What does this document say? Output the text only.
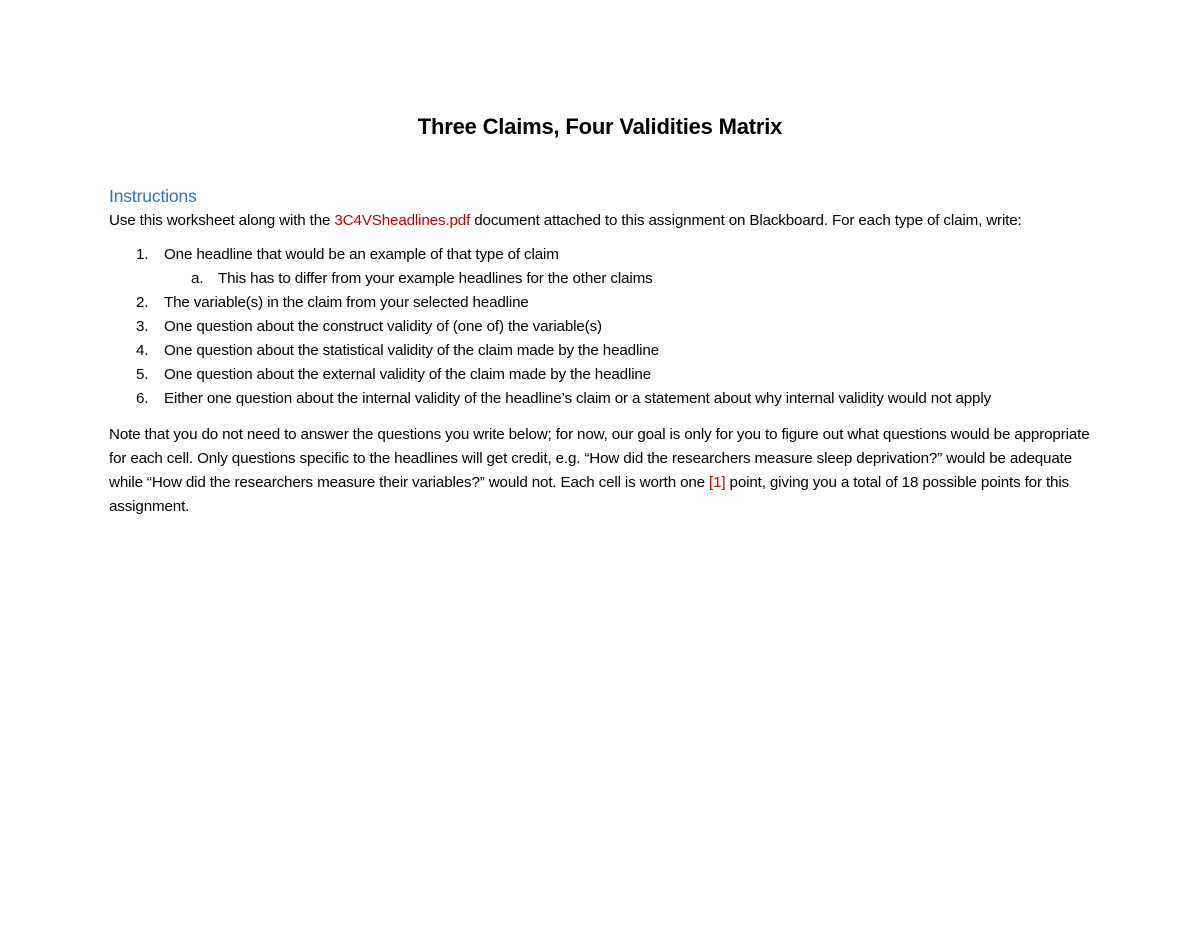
Three Claims, Four Validities Matrix
Instructions

Use this worksheet along with the 3C4VSheadlines.pdf document attached to this assignment on Blackboard. For each type of claim, write:

1. One headline that would be an example of that type of claim
a. This has to differ from your example headlines for the other claims
2. The variable(s) in the claim from your selected headline
3. One question about the construct validity of (one of) the variable(s)
4. One question about the statistical validity of the claim made by the headline
5. One question about the external validity of the claim made by the headline
6. Either one question about the internal validity of the headline’s claim or a statement about why internal validity would not apply

Note that you do not need to answer the questions you write below; for now, our goal is only for you to figure out what questions would be appropriate for each cell. Only questions specific to the headlines will get credit, e.g. “How did the researchers measure sleep deprivation?” would be adequate while “How did the researchers measure their variables?” would not. Each cell is worth one [1] point, giving you a total of 18 possible points for this assignment.
